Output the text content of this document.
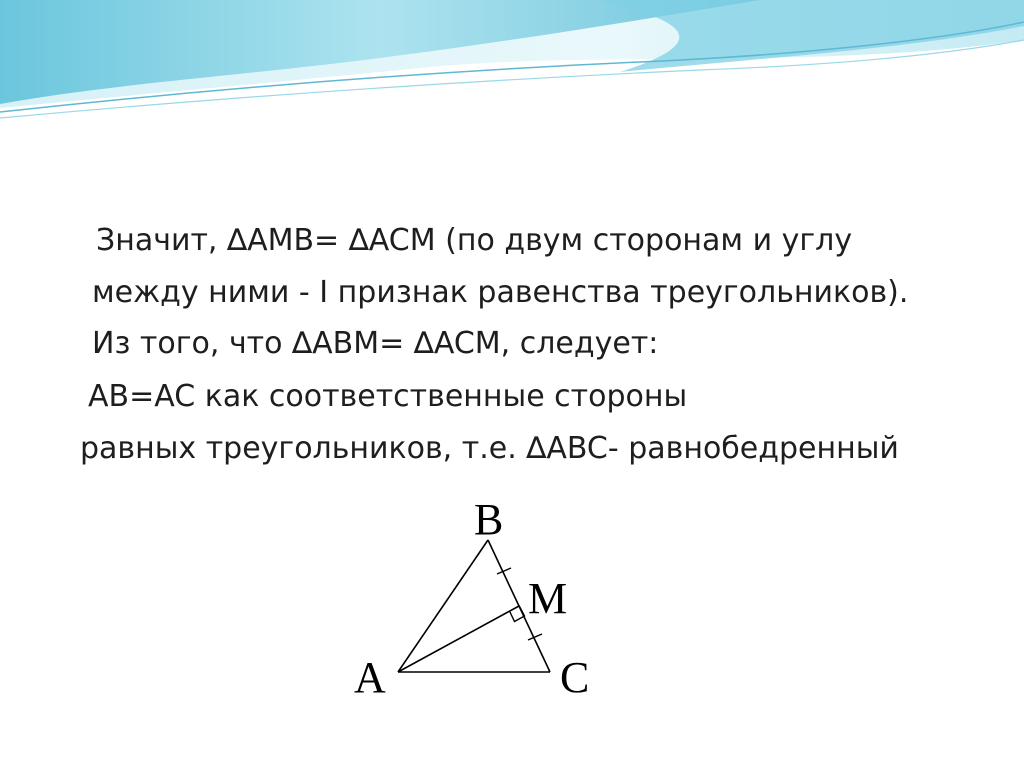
Значит, ∆AMB= ∆ACM (по двум сторонам и углу

между ними - I признак равенства треугольников).

Из того, что ∆ABM= ∆ACM, следует:

AB=AC как соответственные стороны

равных треугольников, т.е. ∆ABC- равнобедренный

A
B
C
M
